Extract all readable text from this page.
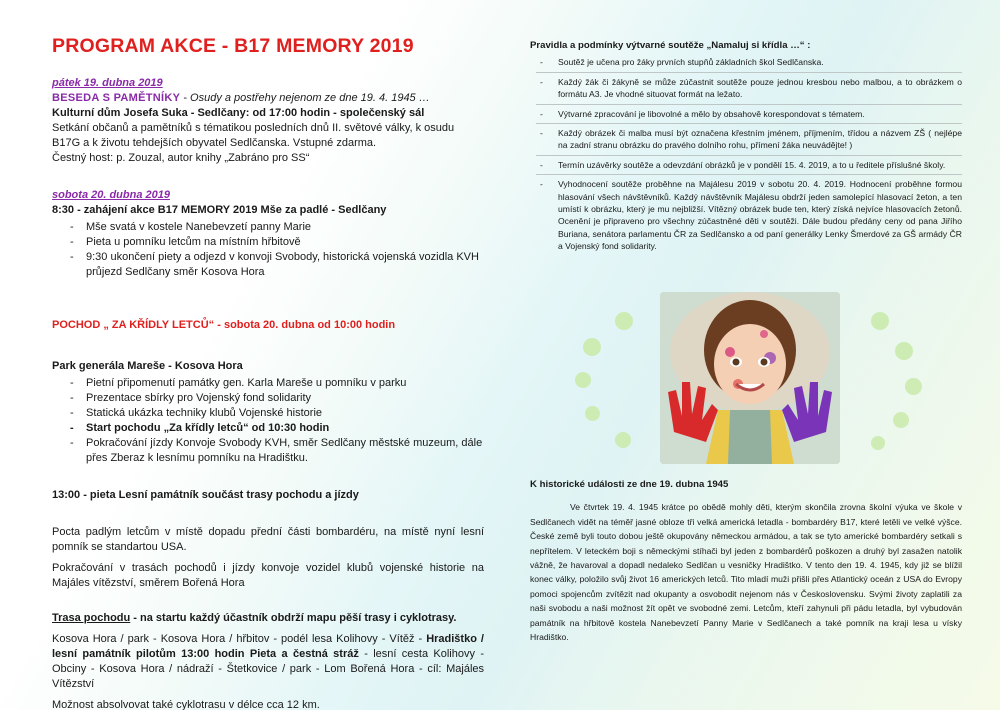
PROGRAM AKCE - B17 MEMORY 2019
pátek 19. dubna 2019
BESEDA S PAMĚTNÍKY - Osudy a postřehy nejenom ze dne 19. 4. 1945 …
Kulturní dům Josefa Suka - Sedlčany: od 17:00 hodin - společenský sál
Setkání občanů a pamětníků s tématikou posledních dnů II. světové války, k osudu B17G a k životu tehdejších obyvatel Sedlčanska. Vstupné zdarma.
Čestný host: p. Zouzal, autor knihy „Zabráno pro SS“
sobota 20. dubna 2019
8:30 - zahájení akce B17 MEMORY 2019 Mše za padlé - Sedlčany
- Mše svatá v kostele Nanebevzetí panny Marie
- Pieta u pomníku letcům na místním hřbitově
- 9:30 ukončení piety a odjezd v konvoji Svobody, historická vojenská vozidla KVH průjezd Sedlčany směr Kosova Hora
POCHOD „ ZA KŘÍDLY LETCŮ“ - sobota 20. dubna od 10:00 hodin
Park generála Mareše - Kosova Hora
- Pietní připomenutí památky gen. Karla Mareše u pomníku v parku
- Prezentace sbírky pro Vojenský fond solidarity
- Statická ukázka techniky klubů Vojenské historie
- Start pochodu „Za křídly letců“ od 10:30 hodin
- Pokračování jízdy Konvoje Svobody KVH, směr Sedlčany městské muzeum, dále přes Zberaz k lesnímu pomníku na Hradištku.
13:00 - pieta Lesní památník součást trasy pochodu a jízdy
Pocta padlým letcům v místě dopadu přední části bombardéru, na místě nyní lesní pomník se standartou USA.
Pokračování v trasách pochodů i jízdy konvoje vozidel klubů vojenské historie na Majáles vítězství, směrem Bořená Hora
Trasa pochodu - na startu každý účastník obdrží mapu pěší trasy i cyklotrasy.
Kosova Hora / park - Kosova Hora / hřbitov - podél lesa Kolihovy - Vítěž - Hradištko / lesní památník pilotům 13:00 hodin Pieta a čestná stráž - lesní cesta Kolihovy - Obciny - Kosova Hora / nádraží - Štetkovice / park - Lom Bořená Hora - cíl: Majáles Vítězství
Možnost absolvovat také cyklotrasu v délce cca 12 km.
Pravidla a podmínky výtvarné soutěže „Namaluj si křídla …“ :
- Soutěž je učena pro žáky prvních stupňů základních škol Sedlčanska.
- Každý žák či žákyně se může zúčastnit soutěže pouze jednou kresbou nebo malbou, a to obrázkem o formátu A3. Je vhodné situovat formát na ležato.
- Výtvarné zpracování je libovolné a mělo by obsahově korespondovat s tématem.
- Každý obrázek či malba musí být označena křestním jménem, příjmením, třídou a názvem ZŠ ( nejlépe na zadní stranu obrázku do pravého dolního rohu, přímení žáka neuvádějte! )
- Termín uzávěrky soutěže a odevzdání obrázků je v pondělí 15. 4. 2019, a to u ředitele příslušné školy.
- Vyhodnocení soutěže proběhne na Majálesu 2019 v sobotu 20. 4. 2019. Hodnocení proběhne formou hlasování všech návštěvníků. Každý návštěvník Majálesu obdrží jeden samolepící hlasovací žeton, a ten umístí k obrázku, který je mu nejbližší. Vítězný obrázek bude ten, který získá nejvíce hlasovacích žetonů. Ocenění je připraveno pro všechny zúčastněné děti v soutěži. Dále budou předány ceny od pana Jiřího Buriana, senátora parlamentu ČR za Sedlčansko a od paní generálky Lenky Šmerdové za GŠ armády ČR a Vojenský fond solidarity.
K historické události ze dne 19. dubna 1945

Ve čtvrtek 19. 4. 1945 krátce po obědě mohly děti, kterým skončila zrovna školní výuka ve škole v Sedlčanech vidět na téměř jasné obloze tři velká americká letadla - bombardéry B17, které letěli ve velké výšce. České země byli touto dobou ještě okupovány německou armádou, a tak se tyto americké bombardéry setkali s nepřítelem. V leteckém boji s německými stíhači byl jeden z bombardérů poškozen a druhý byl zasažen natolik vážně, že havaroval a dopadl nedaleko Sedlčan u vesničky Hradištko. V tento den 19. 4. 1945, kdy již se blížil konec války, položilo svůj život 16 amerických letců. Tito mladí muži přišli přes Atlantický oceán z USA do Evropy pomoci spojencům zvítězit nad okupanty a osvobodit nejenom nás v Československu. Svými životy zaplatili za naši svobodu a naši možnost žít opět ve svobodné zemi. Letcům, kteří zahynuli při pádu letadla, byl vybudován památník na hřbitově kostela Nanebevzetí Panny Marie v Sedlčanech a také pomník na kraji lesa u vísky Hradištko.
